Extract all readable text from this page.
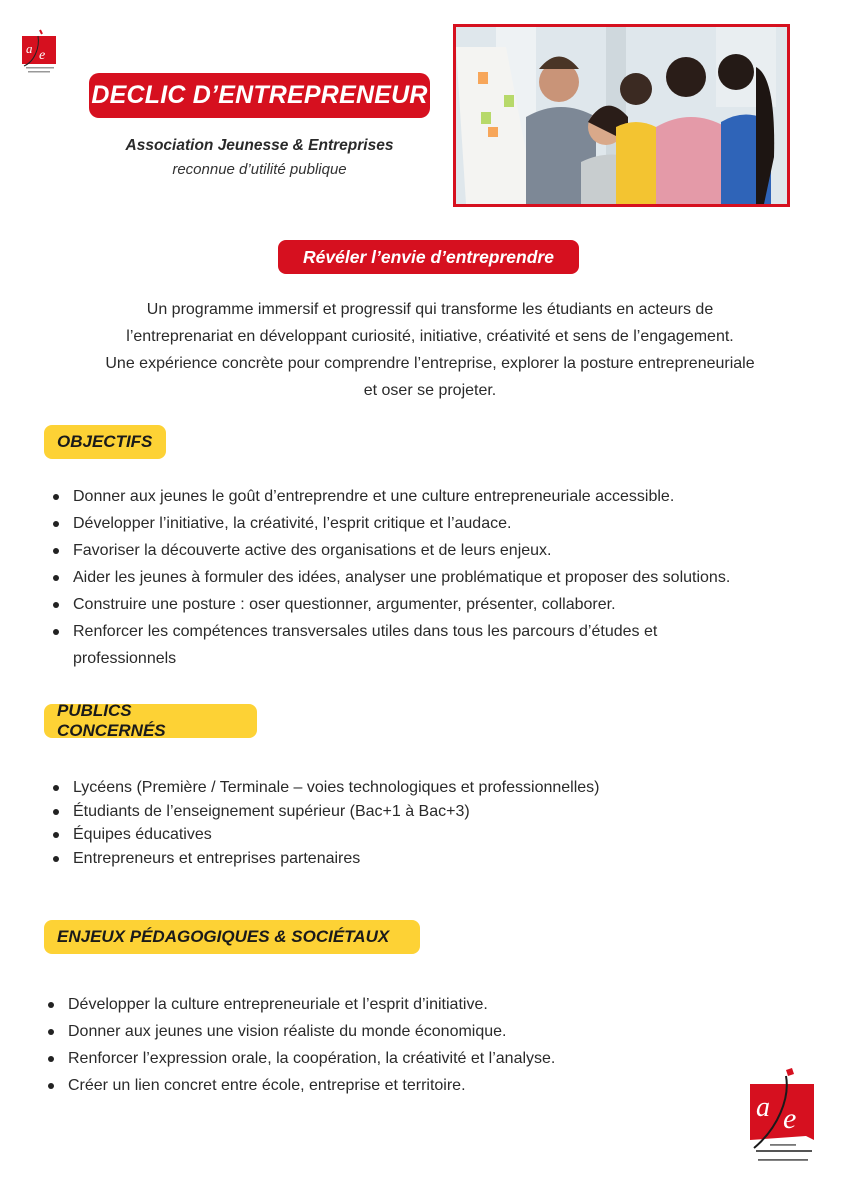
a e
DECLIC D’ENTREPRENEUR
Association Jeunesse & Entreprises
reconnue d’utilité publique
Révéler l’envie d’entreprendre

Un programme immersif et progressif qui transforme les étudiants en acteurs de

l’entreprenariat en développant curiosité, initiative, créativité et sens de l’engagement.

Une expérience concrète pour comprendre l’entreprise, explorer la posture entrepreneuriale

et oser se projeter.

OBJECTIFS
Donner aux jeunes le goût d’entreprendre et une culture entrepreneuriale accessible.
Développer l’initiative, la créativité, l’esprit critique et l’audace.
Favoriser la découverte active des organisations et de leurs enjeux.
Aider les jeunes à formuler des idées, analyser une problématique et proposer des solutions.
Construire une posture : oser questionner, argumenter, présenter, collaborer.
Renforcer les compétences transversales utiles dans tous les parcours d’études et professionnels
PUBLICS CONCERNÉS
Lycéens (Première / Terminale – voies technologiques et professionnelles)
Étudiants de l’enseignement supérieur (Bac+1 à Bac+3)
Équipes éducatives
Entrepreneurs et entreprises partenaires
ENJEUX PÉDAGOGIQUES & SOCIÉTAUX
Développer la culture entrepreneuriale et l’esprit d’initiative.
Donner aux jeunes une vision réaliste du monde économique.
Renforcer l’expression orale, la coopération, la créativité et l’analyse.
Créer un lien concret entre école, entreprise et territoire.
a e
